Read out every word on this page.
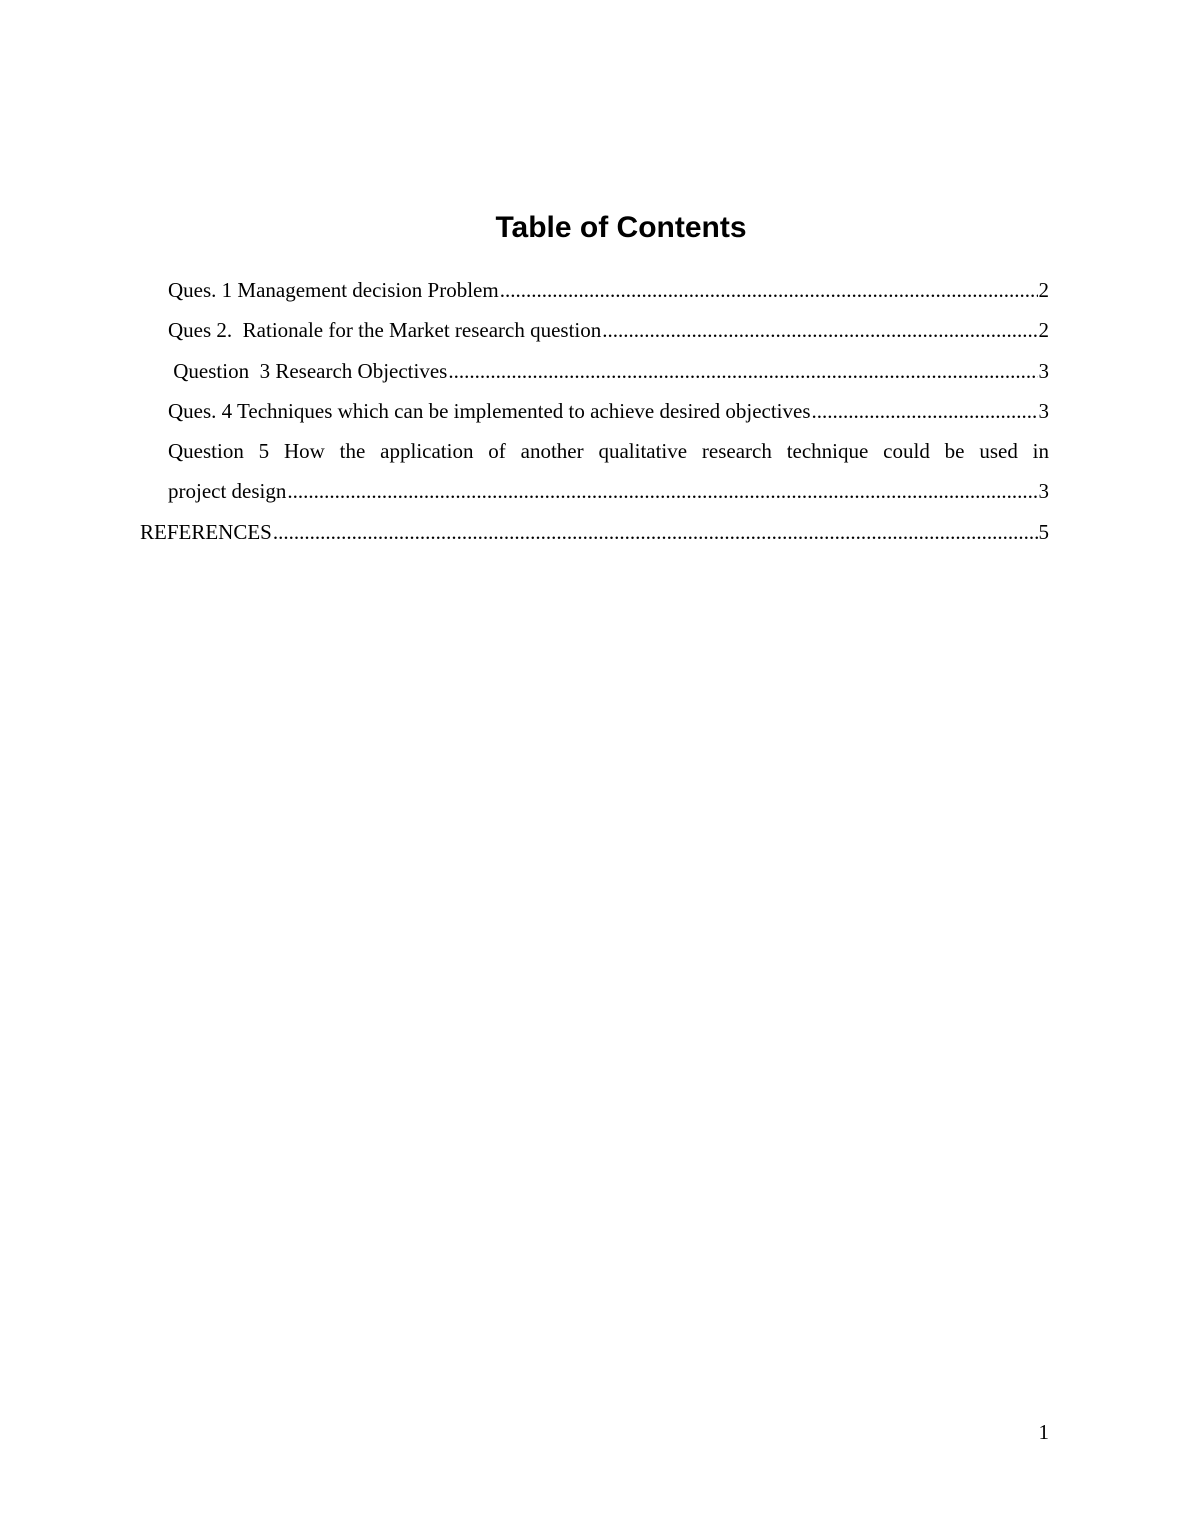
Table of Contents
Ques. 1 Management decision Problem .....	2
Ques 2.  Rationale for the Market research question .....	2
Question  3 Research Objectives .....	3
Ques. 4 Techniques which can be implemented to achieve desired objectives .....	3
Question 5 How the application of another qualitative research technique could be used in
project design .....	3
REFERENCES .....	5
1
